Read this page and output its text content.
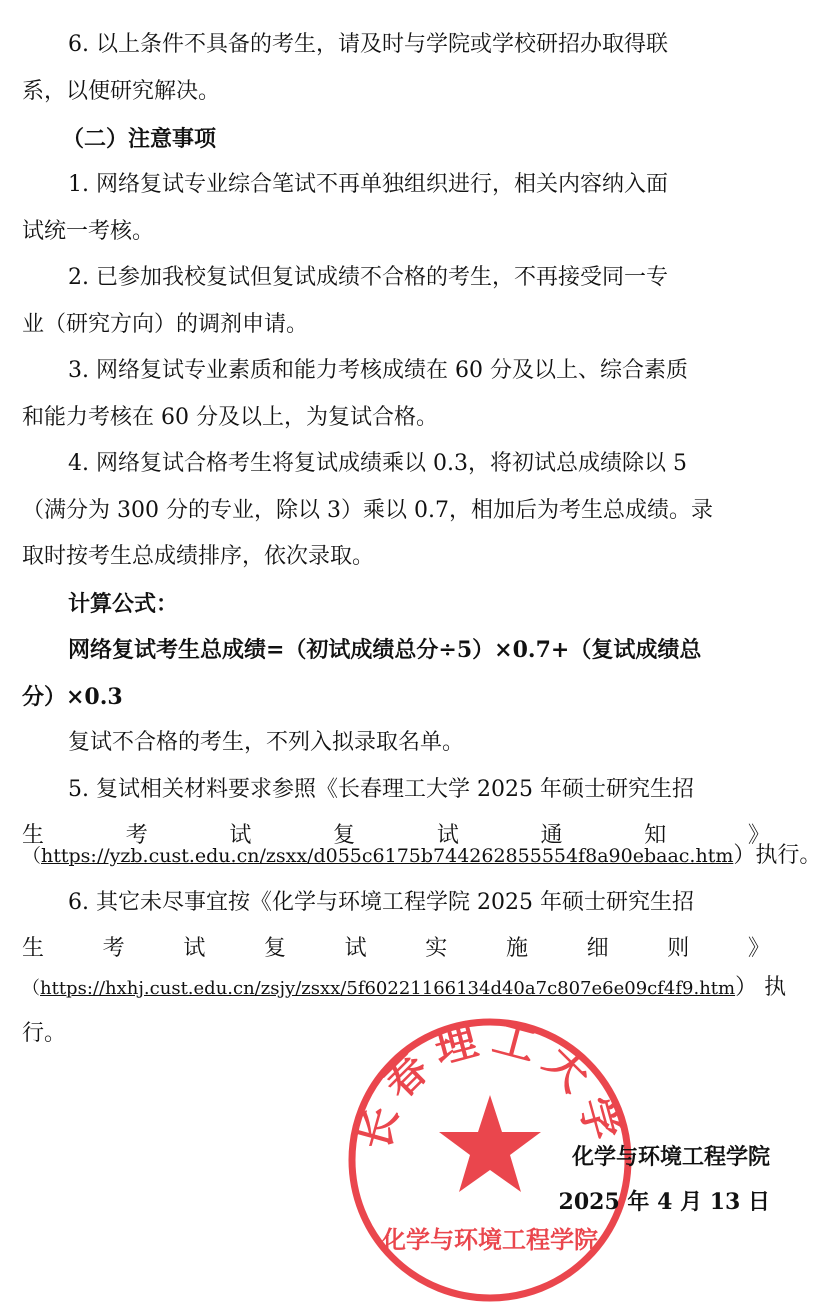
6. 以上条件不具备的考生，请及时与学院或学校研招办取得联
系，以便研究解决。
（二）注意事项
1. 网络复试专业综合笔试不再单独组织进行，相关内容纳入面
试统一考核。
2. 已参加我校复试但复试成绩不合格的考生，不再接受同一专
业（研究方向）的调剂申请。
3. 网络复试专业素质和能力考核成绩在 60 分及以上、综合素质
和能力考核在 60 分及以上，为复试合格。
4. 网络复试合格考生将复试成绩乘以 0.3，将初试总成绩除以 5
（满分为 300 分的专业，除以 3）乘以 0.7，相加后为考生总成绩。录
取时按考生总成绩排序，依次录取。
计算公式：
网络复试考生总成绩=（初试成绩总分÷5）×0.7+（复试成绩总
分）×0.3
复试不合格的考生，不列入拟录取名单。
5. 复试相关材料要求参照《长春理工大学 2025 年硕士研究生招
生	考	试	复	试	通	知	》
（https://yzb.cust.edu.cn/zsxx/d055c6175b744262855554f8a90ebaac.htm）执行。
6. 其它未尽事宜按《化学与环境工程学院 2025 年硕士研究生招
生	考	试	复	试	实	施	细	则	》
（https://hxhj.cust.edu.cn/zsjy/zsxx/5f60221166134d40a7c807e6e09cf4f9.htm） 执
行。
长春理工大学
化学与环境工程学院
化学与环境工程学院
2025 年 4 月 13 日
